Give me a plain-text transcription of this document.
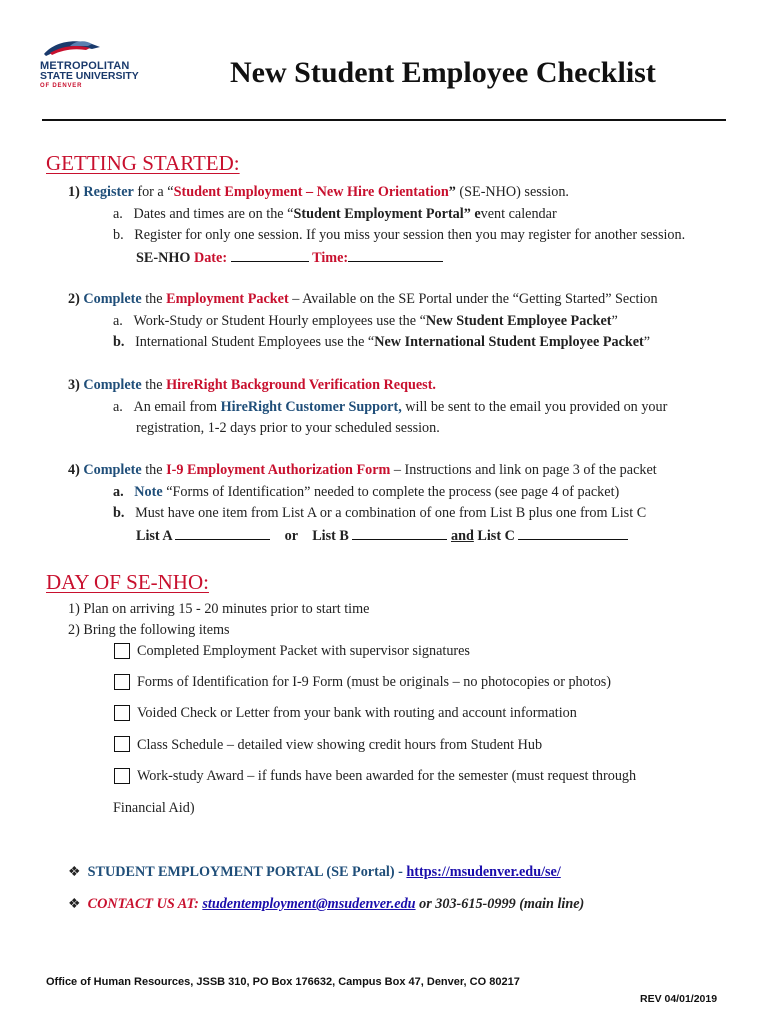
METROPOLITAN
STATE UNIVERSITY
OF DENVER	New Student Employee Checklist
GETTING STARTED:
1) Register for a “Student Employment – New Hire Orientation” (SE-NHO) session.
a. Dates and times are on the “Student Employment Portal” event calendar
b. Register for only one session. If you miss your session then you may register for another session.
SE-NHO Date:	Time:
2) Complete the Employment Packet – Available on the SE Portal under the “Getting Started” Section
a. Work-Study or Student Hourly employees use the “New Student Employee Packet”
b. International Student Employees use the “New International Student Employee Packet”
3) Complete the HireRight Background Verification Request.
a. An email from HireRight Customer Support, will be sent to the email you provided on your
registration, 1-2 days prior to your scheduled session.
4) Complete the I-9 Employment Authorization Form – Instructions and link on page 3 of the packet
a. Note “Forms of Identification” needed to complete the process (see page 4 of packet)
b. Must have one item from List A or a combination of one from List B plus one from List C
List A	or List B	and List C
DAY OF SE-NHO:
1) Plan on arriving 15 - 20 minutes prior to start time
2) Bring the following items
Completed Employment Packet with supervisor signatures
Forms of Identification for I-9 Form (must be originals – no photocopies or photos)
Voided Check or Letter from your bank with routing and account information
Class Schedule – detailed view showing credit hours from Student Hub
Work-study Award – if funds have been awarded for the semester (must request through
Financial Aid)
❖ STUDENT EMPLOYMENT PORTAL (SE Portal) - https://msudenver.edu/se/
❖ CONTACT US AT: studentemployment@msudenver.edu or 303-615-0999 (main line)
Office of Human Resources, JSSB 310, PO Box 176632, Campus Box 47, Denver, CO 80217
REV 04/01/2019
